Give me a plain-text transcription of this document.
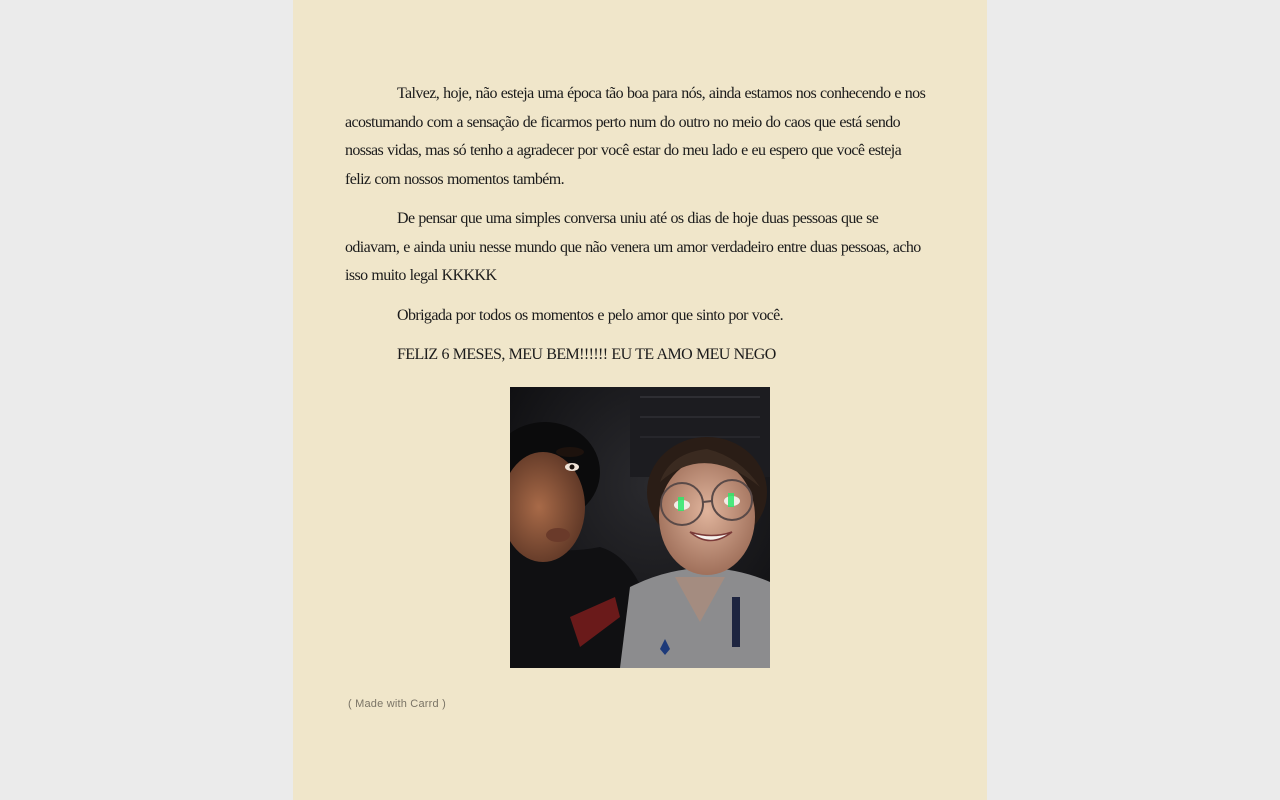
Talvez, hoje, não esteja uma época tão boa para nós, ainda estamos nos conhecendo e nos acostumando com a sensação de ficarmos perto num do outro no meio do caos que está sendo nossas vidas, mas só tenho a agradecer por você estar do meu lado e eu espero que você esteja feliz com nossos momentos também.

De pensar que uma simples conversa uniu até os dias de hoje duas pessoas que se odiavam, e ainda uniu nesse mundo que não venera um amor verdadeiro entre duas pessoas, acho isso muito legal KKKKK

Obrigada por todos os momentos e pelo amor que sinto por você.

FELIZ 6 MESES, MEU BEM!!!!!! EU TE AMO MEU NEGO

( Made with Carrd )
